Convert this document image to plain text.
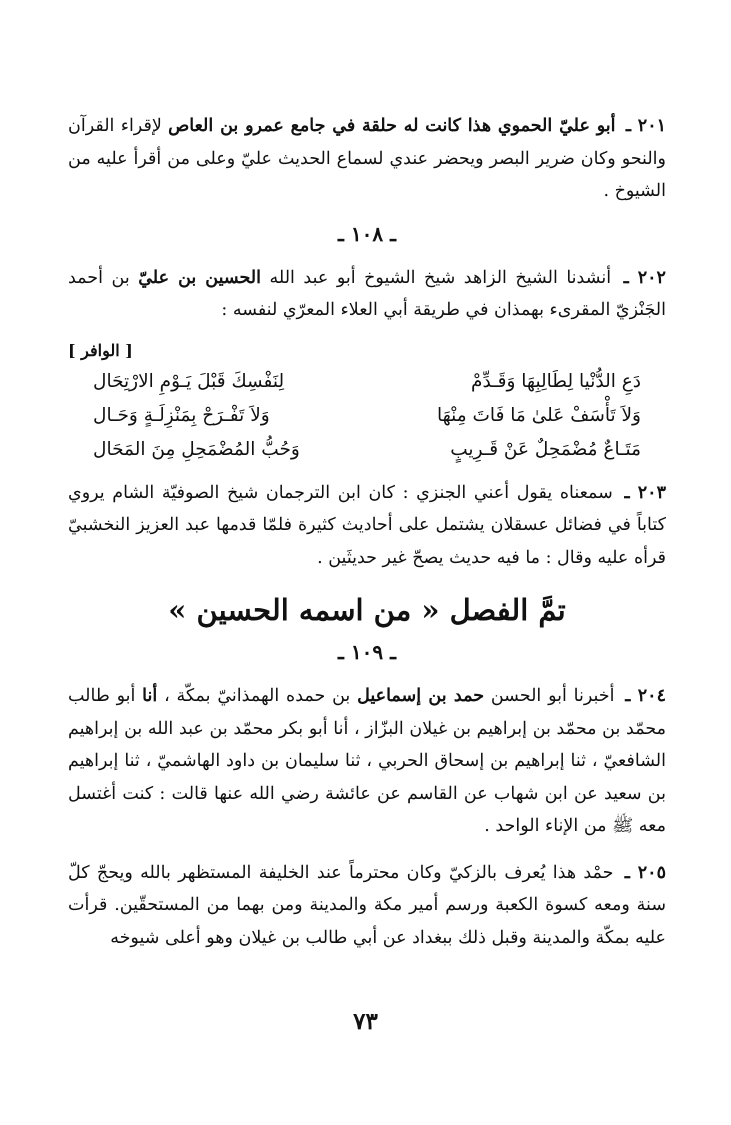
٢٠١ ـ أبو عليّ الحموي هذا كانت له حلقة في جامع عمرو بن العاص لإقراء القرآن والنحو وكان ضرير البصر ويحضر عندي لسماع الحديث عليّ وعلى من أقرأ عليه من الشيوخ .

ـ ١٠٨ ـ

٢٠٢ ـ أنشدنا الشيخ الزاهد شيخ الشيوخ أبو عبد الله الحسين بن عليّ بن أحمد الجَنْزيّ المقرىء بهمذان في طريقة أبي العلاء المعرّي لنفسه :

[ الوافر ]
دَعِ الدُّنْيا لِطَالِبِهَا وَقَـدِّمْ
لِنَفْسِكَ قَبْلَ يَـوْمِ الارْتِحَال
وَلاَ تَأْسَفْ عَلىٰ مَا فَاتَ مِنْهَا
وَلاَ تَفْـرَحْ بِمَنْزِلَـةٍ وَحَـال
مَتَـاعٌ مُضْمَحِلٌ عَنْ قَـرِيبٍ
وَحُبُّ المُضْمَحِلِ مِنَ المَحَال

٢٠٣ ـ سمعناه يقول أعني الجنزي : كان ابن الترجمان شيخ الصوفيّة الشام يروي كتاباً في فضائل عسقلان يشتمل على أحاديث كثيرة فلمّا قدمها عبد العزيز النخشبيّ قرأه عليه وقال : ما فيه حديث يصحّ غير حديثَين .

تمَّ الفصل « من اسمه الحسين »
ـ ١٠٩ ـ

٢٠٤ ـ أخبرنا أبو الحسن حمد بن إسماعيل بن حمده الهمذانيّ بمكّة ، أنا أبو طالب محمّد بن محمّد بن إبراهيم بن غيلان البزّاز ، أنا أبو بكر محمّد بن عبد الله بن إبراهيم الشافعيّ ، ثنا إبراهيم بن إسحاق الحربي ، ثنا سليمان بن داود الهاشميّ ، ثنا إبراهيم بن سعيد عن ابن شهاب عن القاسم عن عائشة رضي الله عنها قالت : كنت أغتسل معه ﷺ من الإناء الواحد .

٢٠٥ ـ حمْد هذا يُعرف بالزكيّ وكان محترماً عند الخليفة المستظهر بالله ويحجّ كلّ سنة ومعه كسوة الكعبة ورسم أمير مكة والمدينة ومن بهما من المستحقّين. قرأت عليه بمكّة والمدينة وقبل ذلك ببغداد عن أبي طالب بن غيلان وهو أعلى شيوخه

٧٣
